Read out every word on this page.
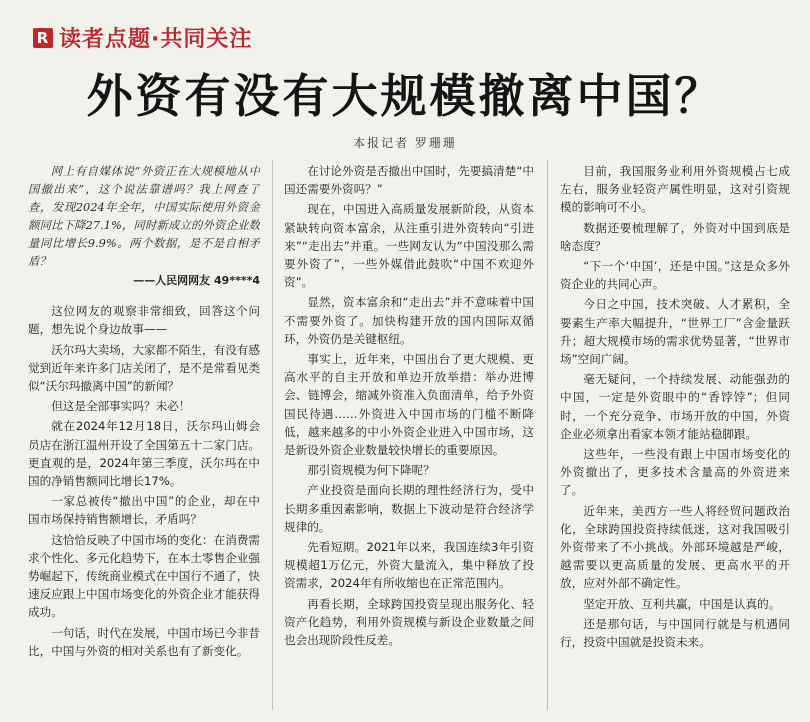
R 读者点题·共同关注
外资有没有大规模撤离中国？
本报记者 罗珊珊

网上有自媒体说“外资正在大规模地从中国撤出来”，这个说法靠谱吗？我上网查了查，发现2024年全年，中国实际使用外资金额同比下降27.1%，同时新成立的外资企业数量同比增长9.9%。两个数据，是不是自相矛盾？

——人民网网友 49****4

这位网友的观察非常细致，回答这个问题，想先说个身边故事——

沃尔玛大卖场，大家都不陌生，有没有感觉到近年来许多门店关闭了，是不是常看见类似“沃尔玛撤离中国”的新闻？

但这是全部事实吗？未必！

就在2024年12月18日，沃尔玛山姆会员店在浙江温州开设了全国第五十二家门店。更直观的是，2024年第三季度，沃尔玛在中国的净销售额同比增长17%。

一家总被传“撤出中国”的企业，却在中国市场保持销售额增长，矛盾吗？

这恰恰反映了中国市场的变化：在消费需求个性化、多元化趋势下，在本土零售企业强势崛起下，传统商业模式在中国行不通了，快速反应跟上中国市场变化的外资企业才能获得成功。

一句话，时代在发展，中国市场已今非昔比，中国与外资的相对关系也有了新变化。

在讨论外资是否撤出中国时，先要搞清楚“中国还需要外资吗？”

现在，中国进入高质量发展新阶段，从资本紧缺转向资本富余，从注重引进外资转向“引进来”“走出去”并重。一些网友认为“中国没那么需要外资了”，一些外媒借此鼓吹“中国不欢迎外资”。

显然，资本富余和“走出去”并不意味着中国不需要外资了。加快构建开放的国内国际双循环，外资仍是关键枢纽。

事实上，近年来，中国出台了更大规模、更高水平的自主开放和单边开放举措：举办进博会、链博会，缩减外资准入负面清单，给予外资国民待遇……外资进入中国市场的门槛不断降低，越来越多的中小外资企业进入中国市场，这是新设外资企业数量较快增长的重要原因。

那引资规模为何下降呢？

产业投资是面向长期的理性经济行为，受中长期多重因素影响，数据上下波动是符合经济学规律的。

先看短期。2021年以来，我国连续3年引资规模超1万亿元，外资大量流入，集中释放了投资需求，2024年有所收缩也在正常范围内。

再看长期，全球跨国投资呈现出服务化、轻资产化趋势，利用外资规模与新设企业数量之间也会出现阶段性反差。

目前，我国服务业利用外资规模占七成左右，服务业轻资产属性明显，这对引资规模的影响可不小。

数据还要梳理解了，外资对中国到底是啥态度？

“下一个‘中国’，还是中国。”这是众多外资企业的共同心声。

今日之中国，技术突破、人才累积，全要素生产率大幅提升，“世界工厂”含金量跃升；超大规模市场的需求优势显著，“世界市场”空间广阔。

毫无疑问，一个持续发展、动能强劲的中国，一定是外资眼中的“香饽饽”；但同时，一个充分竞争、市场开放的中国，外资企业必须拿出看家本领才能站稳脚跟。

这些年，一些没有跟上中国市场变化的外资撤出了，更多技术含量高的外资进来了。

近年来，美西方一些人将经贸问题政治化，全球跨国投资持续低迷，这对我国吸引外资带来了不小挑战。外部环境越是严峻，越需要以更高质量的发展、更高水平的开放，应对外部不确定性。

坚定开放、互利共赢，中国是认真的。

还是那句话，与中国同行就是与机遇同行，投资中国就是投资未来。
